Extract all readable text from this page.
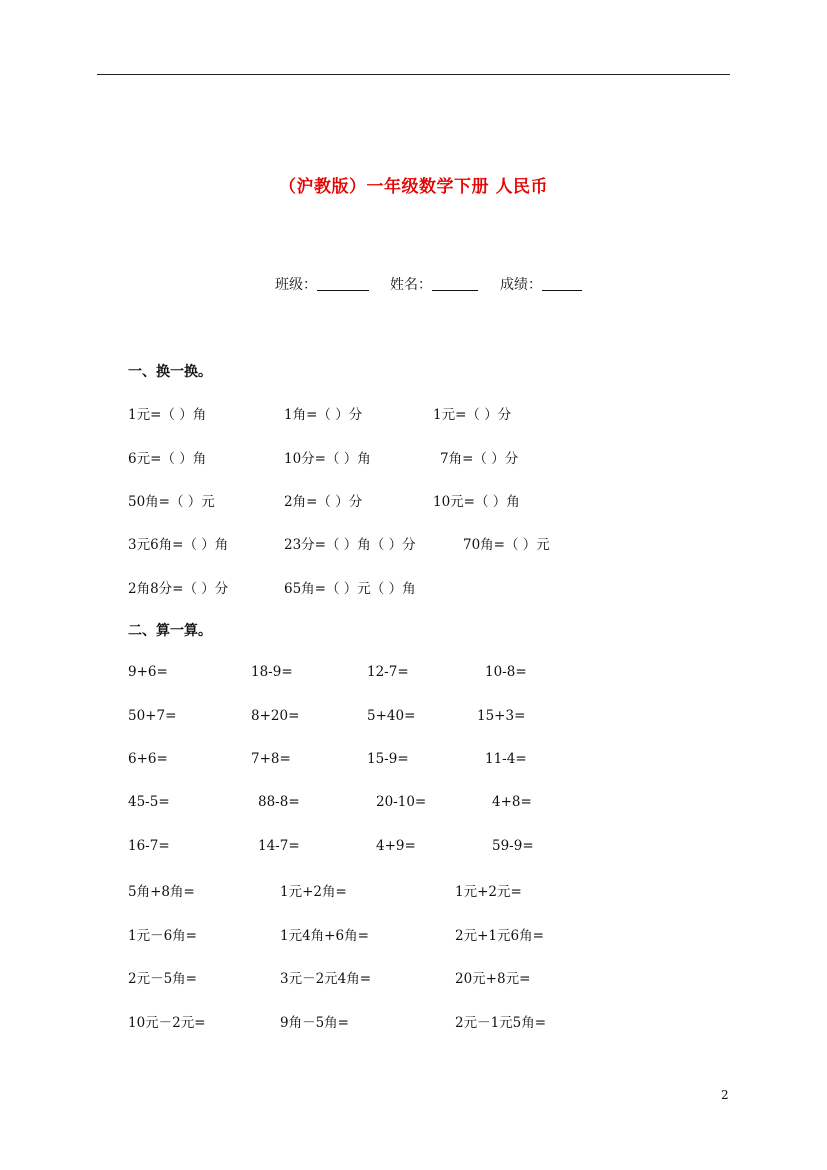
（沪教版）一年级数学下册 人民币
班级：	姓名：	成绩：
一、换一换。
1元=（ ）角	1角=（ ）分	1元=（ ）分
6元=（ ）角	10分=（ ）角	7角=（ ）分
50角=（ ）元	2角=（ ）分	10元=（ ）角
3元6角=（ ）角	23分=（ ）角（ ）分	70角=（ ）元
2角8分=（ ）分	65角=（ ）元（ ）角
二、算一算。
9+6=	18-9=	12-7=	10-8=
50+7=	8+20=	5+40=	15+3=
6+6=	7+8=	15-9=	11-4=
45-5=	88-8=	20-10=	4+8=
16-7=	14-7=	4+9=	59-9=
5角+8角=	1元+2角=	1元+2元=
1元－6角=	1元4角+6角=	2元+1元6角=
2元－5角=	3元－2元4角=	20元+8元=
10元－2元=	9角－5角=	2元－1元5角=
2
